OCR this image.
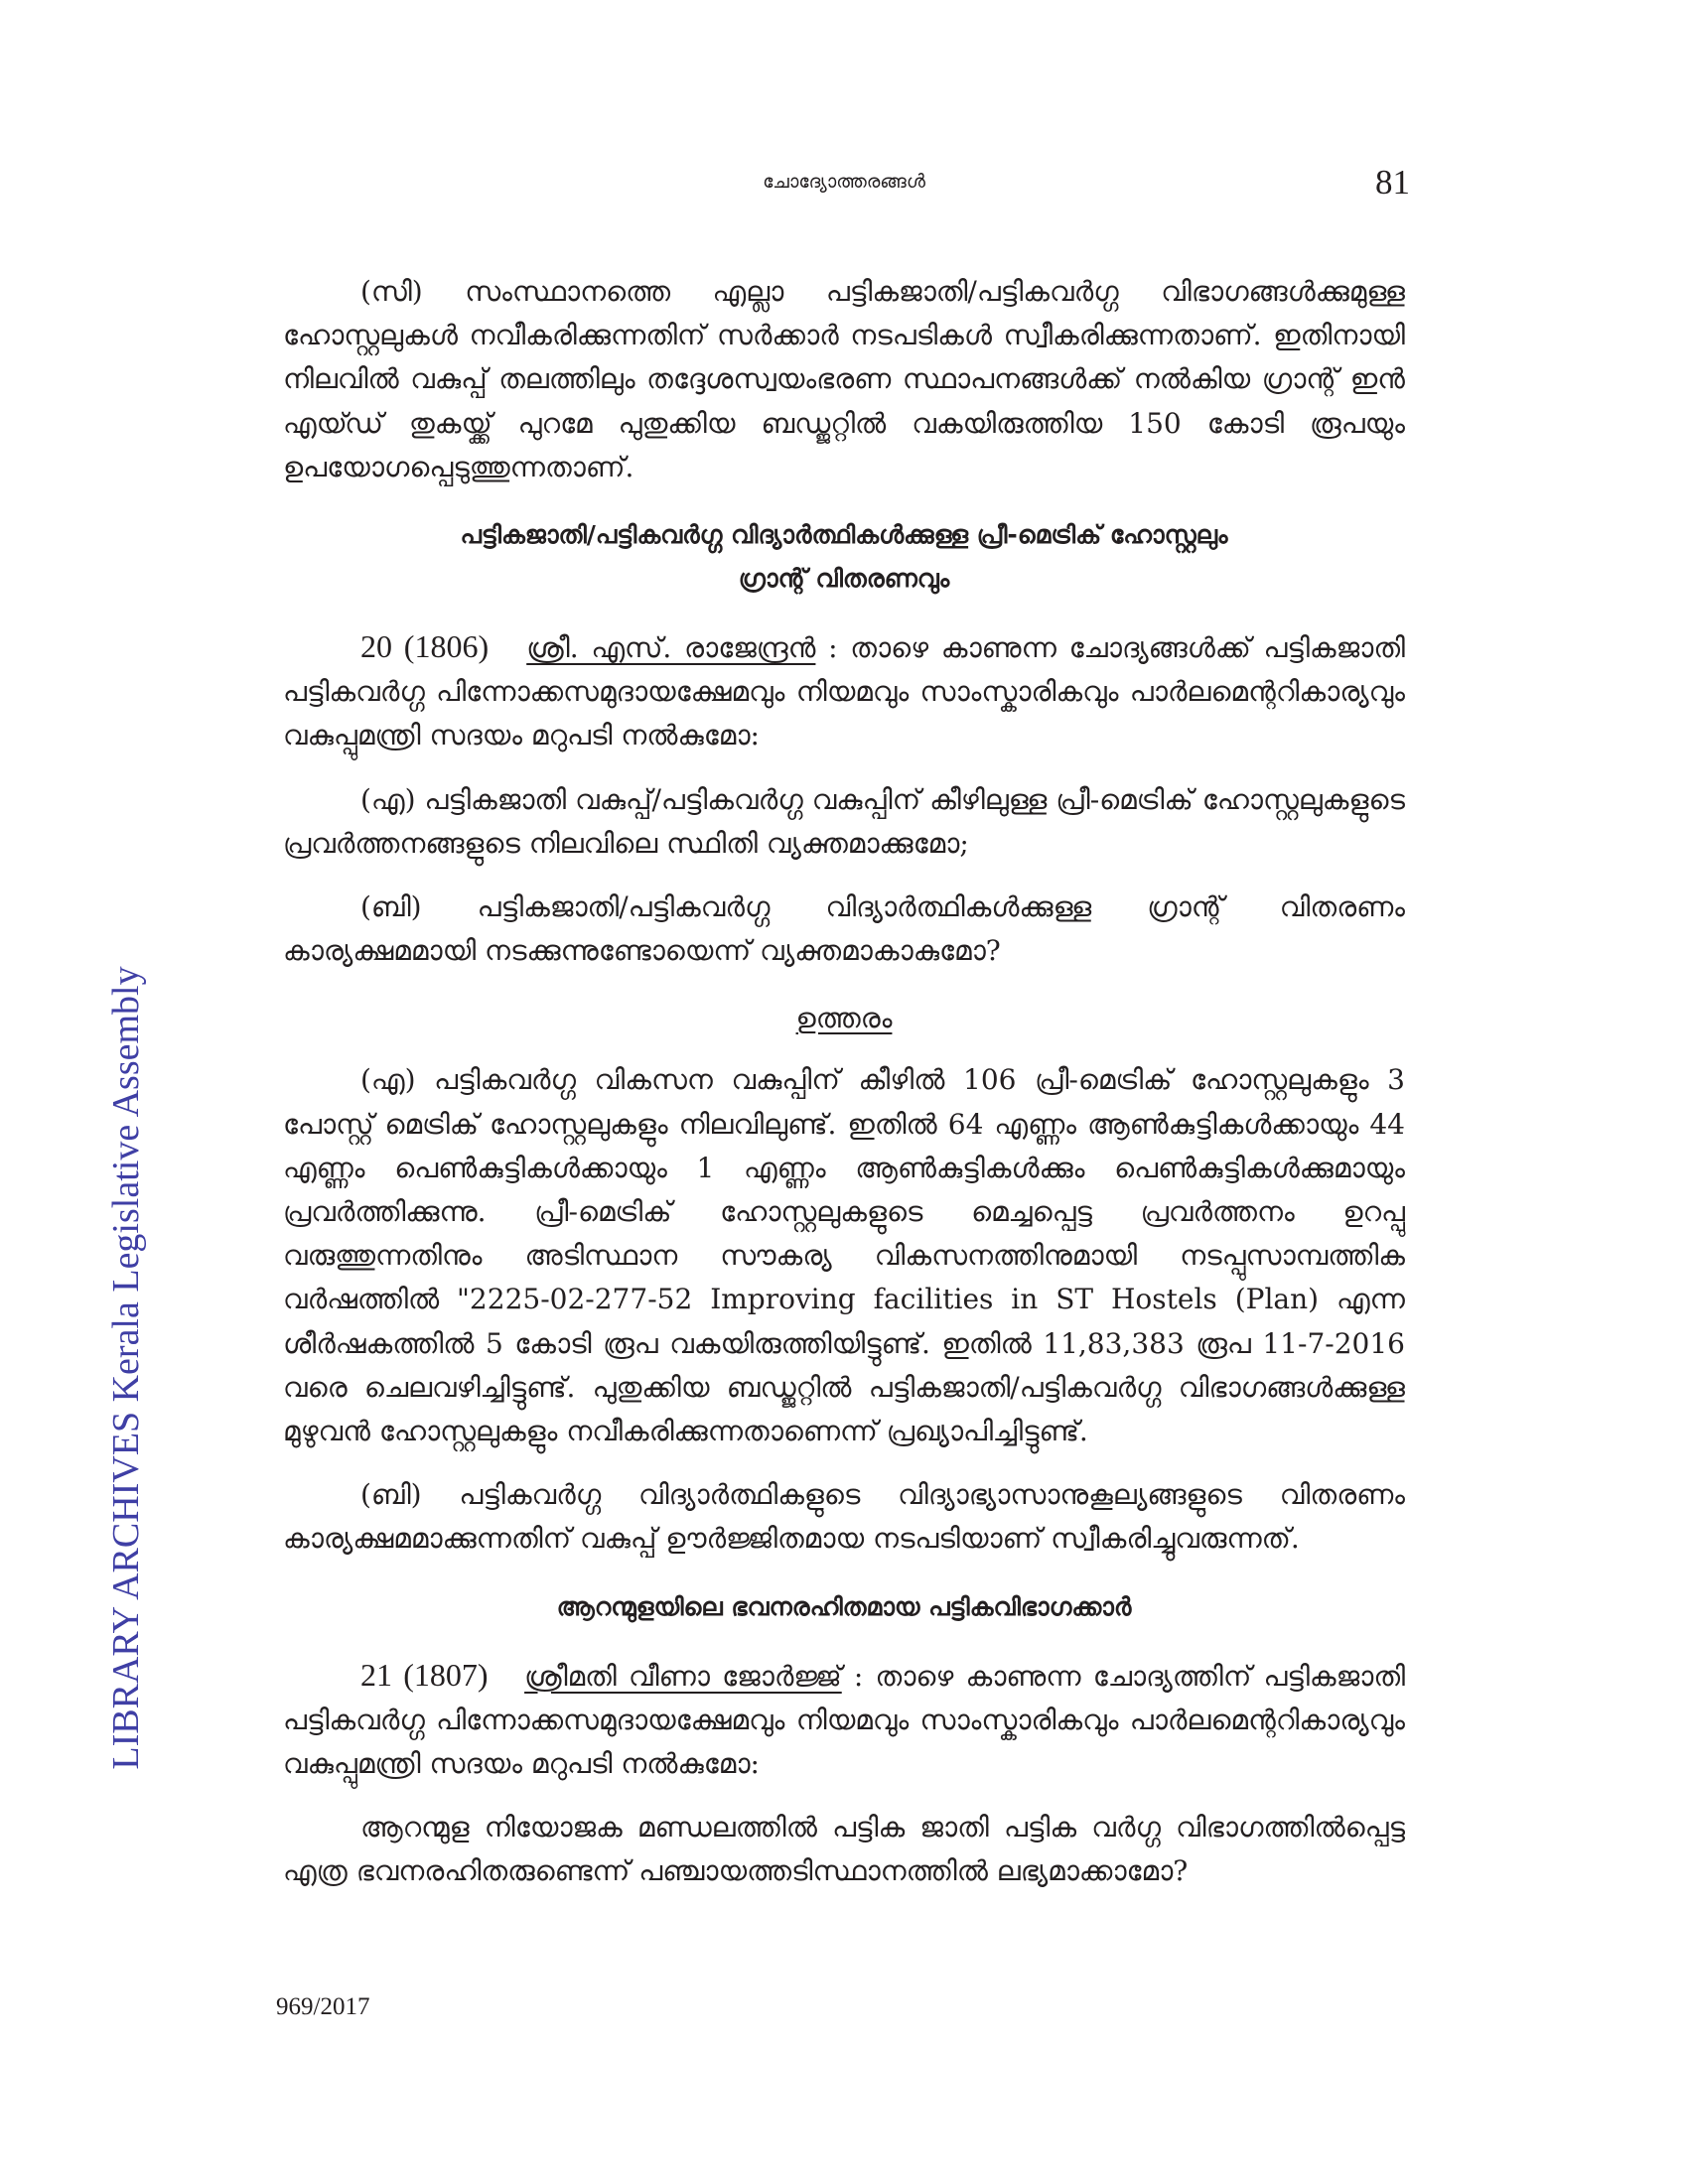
ചോദ്യോത്തരങ്ങൾ	81
LIBRARY ARCHIVES Kerala Legislative Assembly

(സി) സംസ്ഥാനത്തെ എല്ലാ പട്ടികജാതി/പട്ടികവർഗ്ഗ വിഭാഗങ്ങൾക്കുമുള്ള ഹോസ്റ്റലുകൾ നവീകരിക്കുന്നതിന് സർക്കാർ നടപടികൾ സ്വീകരിക്കുന്നതാണ്. ഇതിനായി നിലവിൽ വകുപ്പ് തലത്തിലും തദ്ദേശസ്വയംഭരണ സ്ഥാപനങ്ങൾക്ക് നൽകിയ ഗ്രാന്റ് ഇൻ എയ്ഡ് തുകയ്ക്ക് പുറമേ പുതുക്കിയ ബഡ്ജറ്റിൽ വകയിരുത്തിയ 150 കോടി രൂപയും ഉപയോഗപ്പെടുത്തുന്നതാണ്.

പട്ടികജാതി/പട്ടികവർഗ്ഗ വിദ്യാർത്ഥികൾക്കുള്ള പ്രീ-മെട്രിക് ഹോസ്റ്റലും
ഗ്രാന്റ് വിതരണവും

20 (1806) ശ്രീ. എസ്. രാജേന്ദ്രൻ : താഴെ കാണുന്ന ചോദ്യങ്ങൾക്ക് പട്ടികജാതി പട്ടികവർഗ്ഗ പിന്നോക്കസമുദായക്ഷേമവും നിയമവും സാംസ്കാരികവും പാർലമെന്ററികാര്യവും വകുപ്പുമന്ത്രി സദയം മറുപടി നൽകുമോ:

(എ) പട്ടികജാതി വകുപ്പ്/പട്ടികവർഗ്ഗ വകുപ്പിന് കീഴിലുള്ള പ്രീ-മെട്രിക് ഹോസ്റ്റലുകളുടെ പ്രവർത്തനങ്ങളുടെ നിലവിലെ സ്ഥിതി വ്യക്തമാക്കുമോ;

(ബി) പട്ടികജാതി/പട്ടികവർഗ്ഗ വിദ്യാർത്ഥികൾക്കുള്ള ഗ്രാന്റ് വിതരണം കാര്യക്ഷമമായി നടക്കുന്നുണ്ടോയെന്ന് വ്യക്തമാകാകുമോ?

ഉത്തരം

(എ) പട്ടികവർഗ്ഗ വികസന വകുപ്പിന് കീഴിൽ 106 പ്രീ-മെട്രിക് ഹോസ്റ്റലുകളും 3 പോസ്റ്റ് മെട്രിക് ഹോസ്റ്റലുകളും നിലവിലുണ്ട്. ഇതിൽ 64 എണ്ണം ആൺകുട്ടികൾക്കായും 44 എണ്ണം പെൺകുട്ടികൾക്കായും 1 എണ്ണം ആൺകുട്ടികൾക്കും പെൺകുട്ടികൾക്കുമായും പ്രവർത്തിക്കുന്നു. പ്രീ-മെട്രിക് ഹോസ്റ്റലുകളുടെ മെച്ചപ്പെട്ട പ്രവർത്തനം ഉറപ്പു വരുത്തുന്നതിനും അടിസ്ഥാന സൗകര്യ വികസനത്തിനുമായി നടപ്പുസാമ്പത്തിക വർഷത്തിൽ "2225-02-277-52 Improving facilities in ST Hostels (Plan) എന്ന ശീർഷകത്തിൽ 5 കോടി രൂപ വകയിരുത്തിയിട്ടുണ്ട്. ഇതിൽ 11,83,383 രൂപ 11-7-2016 വരെ ചെലവഴിച്ചിട്ടുണ്ട്. പുതുക്കിയ ബഡ്ജറ്റിൽ പട്ടികജാതി/പട്ടികവർഗ്ഗ വിഭാഗങ്ങൾക്കുള്ള മുഴുവൻ ഹോസ്റ്റലുകളും നവീകരിക്കുന്നതാണെന്ന് പ്രഖ്യാപിച്ചിട്ടുണ്ട്.

(ബി) പട്ടികവർഗ്ഗ വിദ്യാർത്ഥികളുടെ വിദ്യാഭ്യാസാനുകൂല്യങ്ങളുടെ വിതരണം കാര്യക്ഷമമാക്കുന്നതിന് വകുപ്പ് ഊർജ്ജിതമായ നടപടിയാണ് സ്വീകരിച്ചുവരുന്നത്.

ആറന്മുളയിലെ ഭവനരഹിതമായ പട്ടികവിഭാഗക്കാർ

21 (1807) ശ്രീമതി വീണാ ജോർജ്ജ് : താഴെ കാണുന്ന ചോദ്യത്തിന് പട്ടികജാതി പട്ടികവർഗ്ഗ പിന്നോക്കസമുദായക്ഷേമവും നിയമവും സാംസ്കാരികവും പാർലമെന്ററികാര്യവും വകുപ്പുമന്ത്രി സദയം മറുപടി നൽകുമോ:

ആറന്മുള നിയോജക മണ്ഡലത്തിൽ പട്ടിക ജാതി പട്ടിക വർഗ്ഗ വിഭാഗത്തിൽപ്പെട്ട എത്ര ഭവനരഹിതരുണ്ടെന്ന് പഞ്ചായത്തടിസ്ഥാനത്തിൽ ലഭ്യമാക്കാമോ?

969/2017
